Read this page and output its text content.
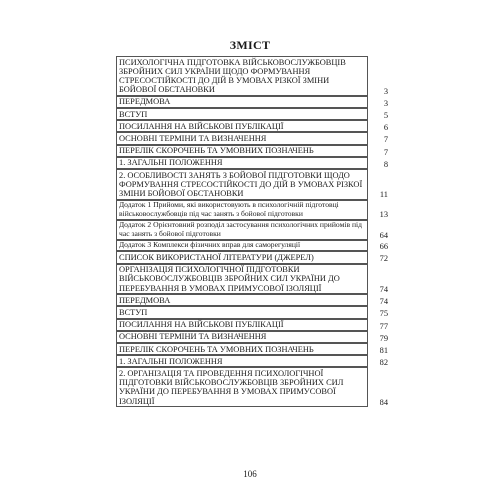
ЗМІСТ
ПСИХОЛОГІЧНА ПІДГОТОВКА ВІЙСЬКОВОСЛУЖБОВЦІВ ЗБРОЙНИХ СИЛ УКРАЇНИ ЩОДО ФОРМУВАННЯ СТРЕСОСТІЙКОСТІ ДО ДІЙ В УМОВАХ РІЗКОЇ ЗМІНИ БОЙОВОЇ ОБСТАНОВКИ	3
ПЕРЕДМОВА	3
ВСТУП	5
ПОСИЛАННЯ НА ВІЙСЬКОВІ ПУБЛІКАЦІЇ	6
ОСНОВНІ ТЕРМІНИ ТА ВИЗНАЧЕННЯ	7
ПЕРЕЛІК СКОРОЧЕНЬ ТА УМОВНИХ ПОЗНАЧЕНЬ	7
1. ЗАГАЛЬНІ ПОЛОЖЕННЯ	8
2. ОСОБЛИВОСТІ ЗАНЯТЬ З БОЙОВОЇ ПІДГОТОВКИ ЩОДО ФОРМУВАННЯ СТРЕСОСТІЙКОСТІ ДО ДІЙ В УМОВАХ РІЗКОЇ ЗМІНИ БОЙОВОЇ ОБСТАНОВКИ	11
Додаток 1 Прийоми, які використовують в психологічній підготовці військовослужбовців під час занять з бойової підготовки	13
Додаток 2 Орієнтовний розподіл застосування психологічних прийомів під час занять з бойової підготовки	64
Додаток 3 Комплекси фізичних вправ для саморегуляції	66
СПИСОК ВИКОРИСТАНОЇ ЛІТЕРАТУРИ (ДЖЕРЕЛ)	72
ОРГАНІЗАЦІЯ ПСИХОЛОГІЧНОЇ ПІДГОТОВКИ ВІЙСЬКОВОСЛУЖБОВЦІВ ЗБРОЙНИХ СИЛ УКРАЇНИ ДО ПЕРЕБУВАННЯ В УМОВАХ ПРИМУСОВОЇ ІЗОЛЯЦІЇ	74
ПЕРЕДМОВА	74
ВСТУП	75
ПОСИЛАННЯ НА ВІЙСЬКОВІ ПУБЛІКАЦІЇ	77
ОСНОВНІ ТЕРМІНИ ТА ВИЗНАЧЕННЯ	79
ПЕРЕЛІК СКОРОЧЕНЬ ТА УМОВНИХ ПОЗНАЧЕНЬ	81
1. ЗАГАЛЬНІ ПОЛОЖЕННЯ	82
2. ОРГАНІЗАЦІЯ ТА ПРОВЕДЕННЯ ПСИХОЛОГІЧНОЇ ПІДГОТОВКИ ВІЙСЬКОВОСЛУЖБОВЦІВ ЗБРОЙНИХ СИЛ УКРАЇНИ ДО ПЕРЕБУВАННЯ В УМОВАХ ПРИМУСОВОЇ ІЗОЛЯЦІЇ	84
106
